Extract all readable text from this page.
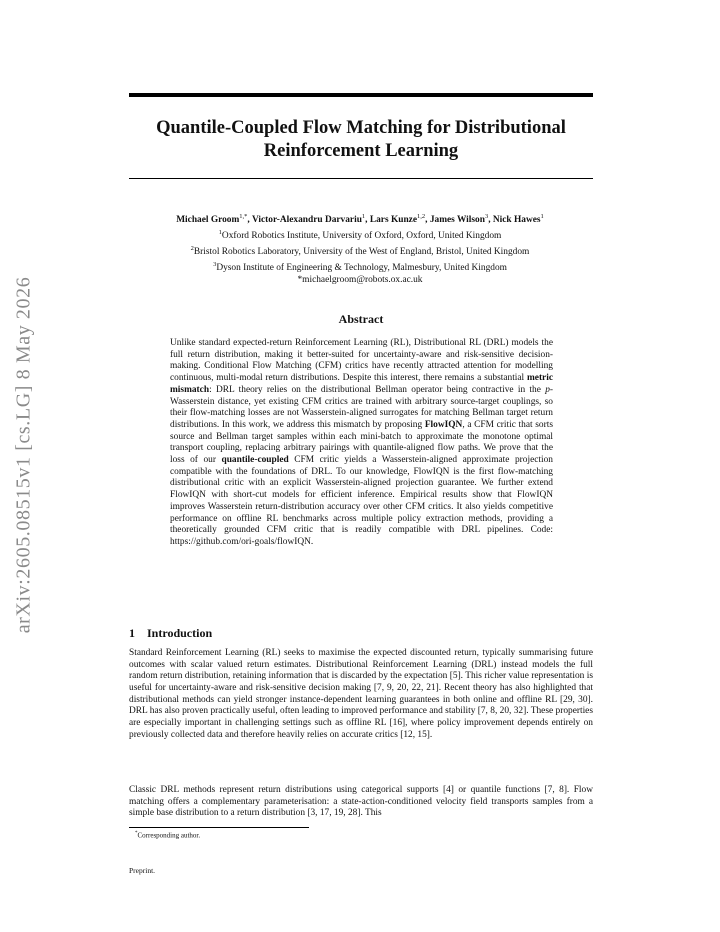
arXiv:2605.08515v1 [cs.LG] 8 May 2026
Quantile-Coupled Flow Matching for Distributional Reinforcement Learning
Michael Groom$^{1,*}$, Victor-Alexandru Darvariu$^1$, Lars Kunze$^{1,2}$, James Wilson$^3$, Nick Hawes$^1$
$^1$Oxford Robotics Institute, University of Oxford, Oxford, United Kingdom
$^2$Bristol Robotics Laboratory, University of the West of England, Bristol, United Kingdom
$^3$Dyson Institute of Engineering & Technology, Malmesbury, United Kingdom
*michaelgroom@robots.ox.ac.uk
Abstract

Unlike standard expected-return Reinforcement Learning (RL), Distributional RL (DRL) models the full return distribution, making it better-suited for uncertainty-aware and risk-sensitive decision-making. Conditional Flow Matching (CFM) critics have recently attracted attention for modelling continuous, multi-modal return distributions. Despite this interest, there remains a substantial metric mismatch: DRL theory relies on the distributional Bellman operator being contractive in the p-Wasserstein distance, yet existing CFM critics are trained with arbitrary source-target couplings, so their flow-matching losses are not Wasserstein-aligned surrogates for matching Bellman target return distributions. In this work, we address this mismatch by proposing FlowIQN, a CFM critic that sorts source and Bellman target samples within each mini-batch to approximate the monotone optimal transport coupling, replacing arbitrary pairings with quantile-aligned flow paths. We prove that the loss of our quantile-coupled CFM critic yields a Wasserstein-aligned approximate projection compatible with the foundations of DRL. To our knowledge, FlowIQN is the first flow-matching distributional critic with an explicit Wasserstein-aligned projection guarantee. We further extend FlowIQN with short-cut models for efficient inference. Empirical results show that FlowIQN improves Wasserstein return-distribution accuracy over other CFM critics. It also yields competitive performance on offline RL benchmarks across multiple policy extraction methods, providing a theoretically grounded CFM critic that is readily compatible with DRL pipelines. Code: https://github.com/ori-goals/flowIQN.

1 Introduction

Standard Reinforcement Learning (RL) seeks to maximise the expected discounted return, typically summarising future outcomes with scalar valued return estimates. Distributional Reinforcement Learning (DRL) instead models the full random return distribution, retaining information that is discarded by the expectation [5]. This richer value representation is useful for uncertainty-aware and risk-sensitive decision making [7, 9, 20, 22, 21]. Recent theory has also highlighted that distributional methods can yield stronger instance-dependent learning guarantees in both online and offline RL [29, 30]. DRL has also proven practically useful, often leading to improved performance and stability [7, 8, 20, 32]. These properties are especially important in challenging settings such as offline RL [16], where policy improvement depends entirely on previously collected data and therefore heavily relies on accurate critics [12, 15].

Classic DRL methods represent return distributions using categorical supports [4] or quantile functions [7, 8]. Flow matching offers a complementary parameterisation: a state-action-conditioned velocity field transports samples from a simple base distribution to a return distribution [3, 17, 19, 28]. This

*Corresponding author.
Preprint.
